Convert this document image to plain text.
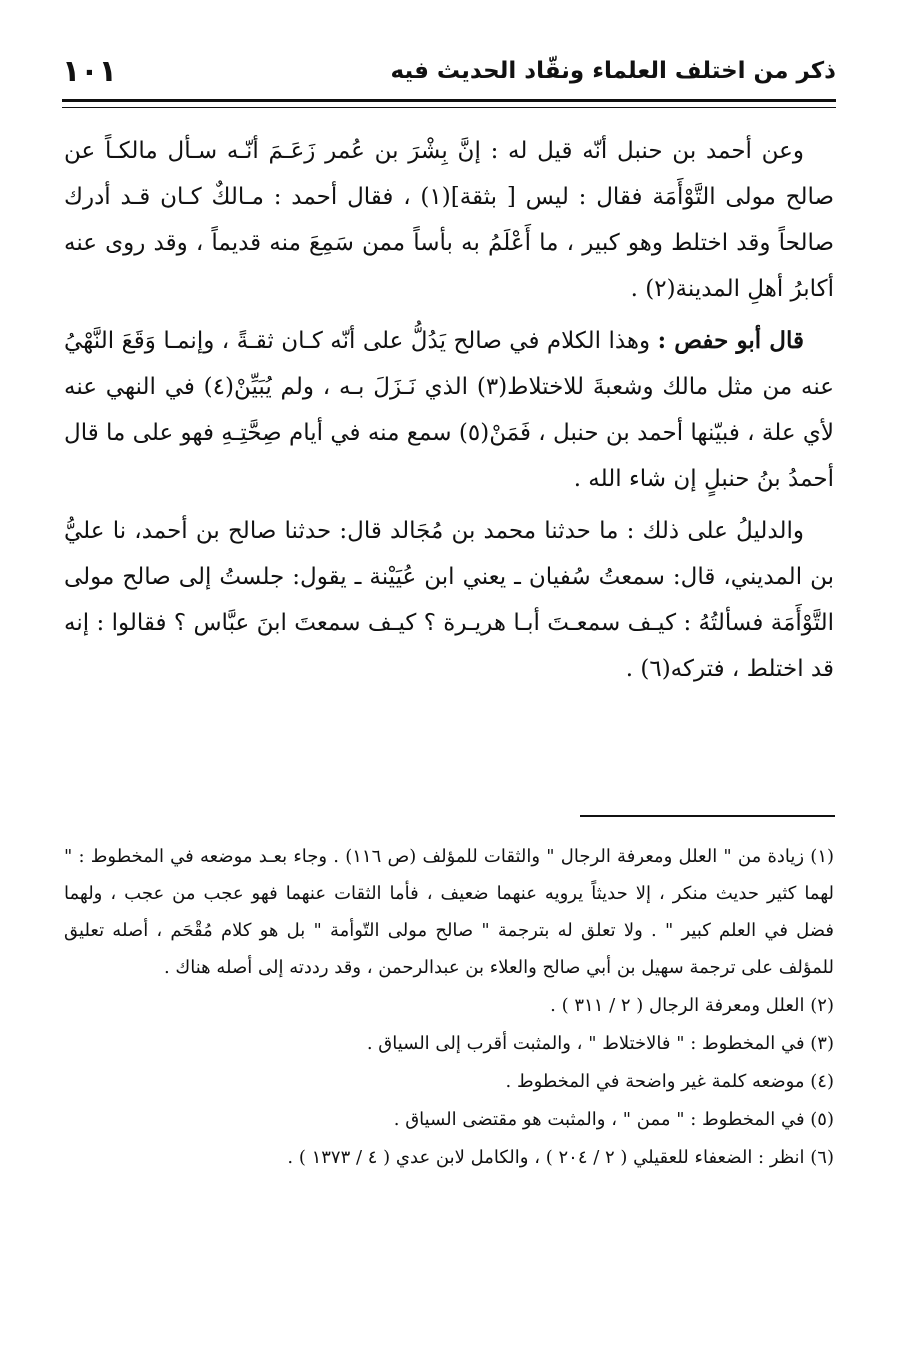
ذكر من اختلف العلماء ونقّاد الحديث فيه
١٠١

وعن أحمد بن حنبل أنّه قيل له : إنَّ بِشْرَ بن عُمر زَعَـمَ أنّـه سـأل مالكـاً عن صالح مولى التَّوْأَمَة فقال : ليس [ بثقة](١) ، فقال أحمد : مـالكٌ كـان قـد أدرك صالحاً وقد اختلط وهو كبير ، ما أَعْلَمُ به بأساً ممن سَمِعَ منه قديماً ، وقد روى عنه أكابرُ أهلِ المدينة(٢) .

قال أبو حفص : وهذا الكلام في صالح يَدُلُّ على أنّه كـان ثقـةً ، وإنمـا وَقَعَ النَّهْيُ عنه من مثل مالك وشعبةَ للاختلاط(٣) الذي نَـزَلَ بـه ، ولم يُبَيِّنْ(٤) في النهي عنه لأي علة ، فبيّنها أحمد بن حنبل ، فَمَنْ(٥) سمع منه في أيام صِحَّتِـهِ فهو على ما قال أحمدُ بنُ حنبلٍ إن شاء الله .

والدليلُ على ذلك : ما حدثنا محمد بن مُجَالد قال: حدثنا صالح بن أحمد، نا عليُّ بن المديني، قال: سمعتُ سُفيان ـ يعني ابن عُيَيْنة ـ يقول: جلستُ إلى صالح مولى التَّوْأَمَة فسألتُهُ : كيـف سمعـتَ أبـا هريـرة ؟ كيـف سمعتَ ابنَ عبَّاس ؟ فقالوا : إنه قد اختلط ، فتركه(٦) .

(١) زيادة من " العلل ومعرفة الرجال " والثقات للمؤلف (ص ١١٦) . وجاء بعـد موضعه في المخطوط : " لهما كثير حديث منكر ، إلا حديثاً يرويه عنهما ضعيف ، فأما الثقات عنهما فهو عجب من عجب ، ولهما فضل في العلم كبير " . ولا تعلق له بترجمة " صالح مولى التّوأمة " بل هو كلام مُقْحَم ، أصله تعليق للمؤلف على ترجمة سهيل بن أبي صالح والعلاء بن عبدالرحمن ، وقد رددته إلى أصله هناك .

(٢) العلل ومعرفة الرجال ( ٢ / ٣١١ ) .

(٣) في المخطوط : " فالاختلاط " ، والمثبت أقرب إلى السياق .

(٤) موضعه كلمة غير واضحة في المخطوط .

(٥) في المخطوط : " ممن " ، والمثبت هو مقتضى السياق .

(٦) انظر : الضعفاء للعقيلي ( ٢ / ٢٠٤ ) ، والكامل لابن عدي ( ٤ / ١٣٧٣ ) .
